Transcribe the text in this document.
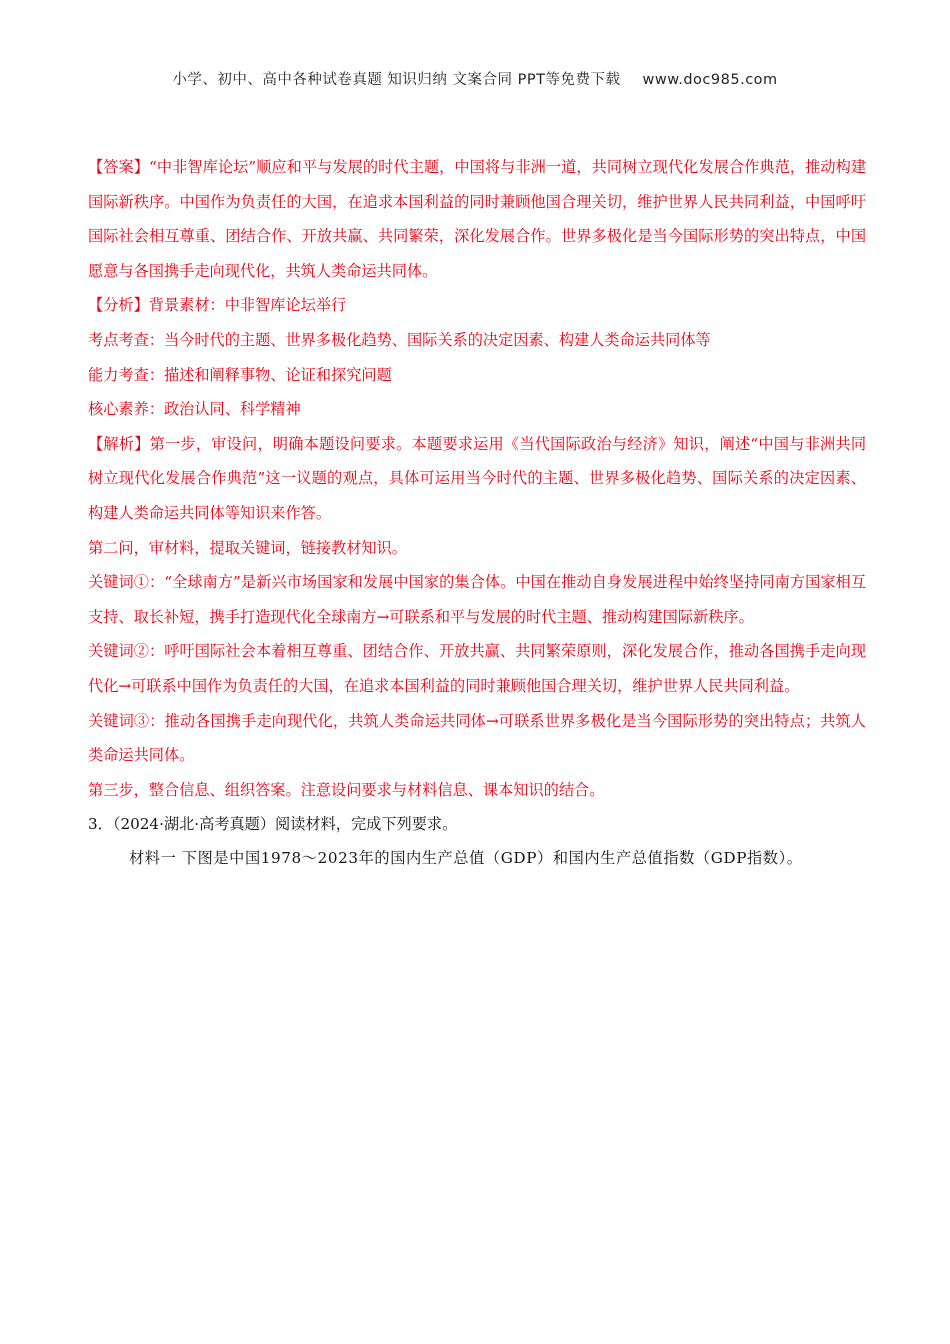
小学、初中、高中各种试卷真题 知识归纳 文案合同 PPT等免费下载 www.doc985.com

【答案】“中非智库论坛”顺应和平与发展的时代主题，中国将与非洲一道，共同树立现代化发展合作典范，推动构建国际新秩序。中国作为负责任的大国，在追求本国利益的同时兼顾他国合理关切，维护世界人民共同利益，中国呼吁国际社会相互尊重、团结合作、开放共赢、共同繁荣，深化发展合作。世界多极化是当今国际形势的突出特点，中国愿意与各国携手走向现代化，共筑人类命运共同体。

【分析】背景素材：中非智库论坛举行

考点考查：当今时代的主题、世界多极化趋势、国际关系的决定因素、构建人类命运共同体等

能力考查：描述和阐释事物、论证和探究问题

核心素养：政治认同、科学精神

【解析】第一步，审设问，明确本题设问要求。本题要求运用《当代国际政治与经济》知识，阐述“中国与非洲共同树立现代化发展合作典范”这一议题的观点，具体可运用当今时代的主题、世界多极化趋势、国际关系的决定因素、构建人类命运共同体等知识来作答。

第二问，审材料，提取关键词，链接教材知识。

关键词①：“全球南方”是新兴市场国家和发展中国家的集合体。中国在推动自身发展进程中始终坚持同南方国家相互支持、取长补短，携手打造现代化全球南方→可联系和平与发展的时代主题、推动构建国际新秩序。

关键词②：呼吁国际社会本着相互尊重、团结合作、开放共赢、共同繁荣原则，深化发展合作，推动各国携手走向现代化→可联系中国作为负责任的大国，在追求本国利益的同时兼顾他国合理关切，维护世界人民共同利益。

关键词③：推动各国携手走向现代化，共筑人类命运共同体→可联系世界多极化是当今国际形势的突出特点；共筑人类命运共同体。

第三步，整合信息、组织答案。注意设问要求与材料信息、课本知识的结合。

3．（2024·湖北·高考真题）阅读材料，完成下列要求。

材料一 下图是中国1978～2023年的国内生产总值（GDP）和国内生产总值指数（GDP指数）。
